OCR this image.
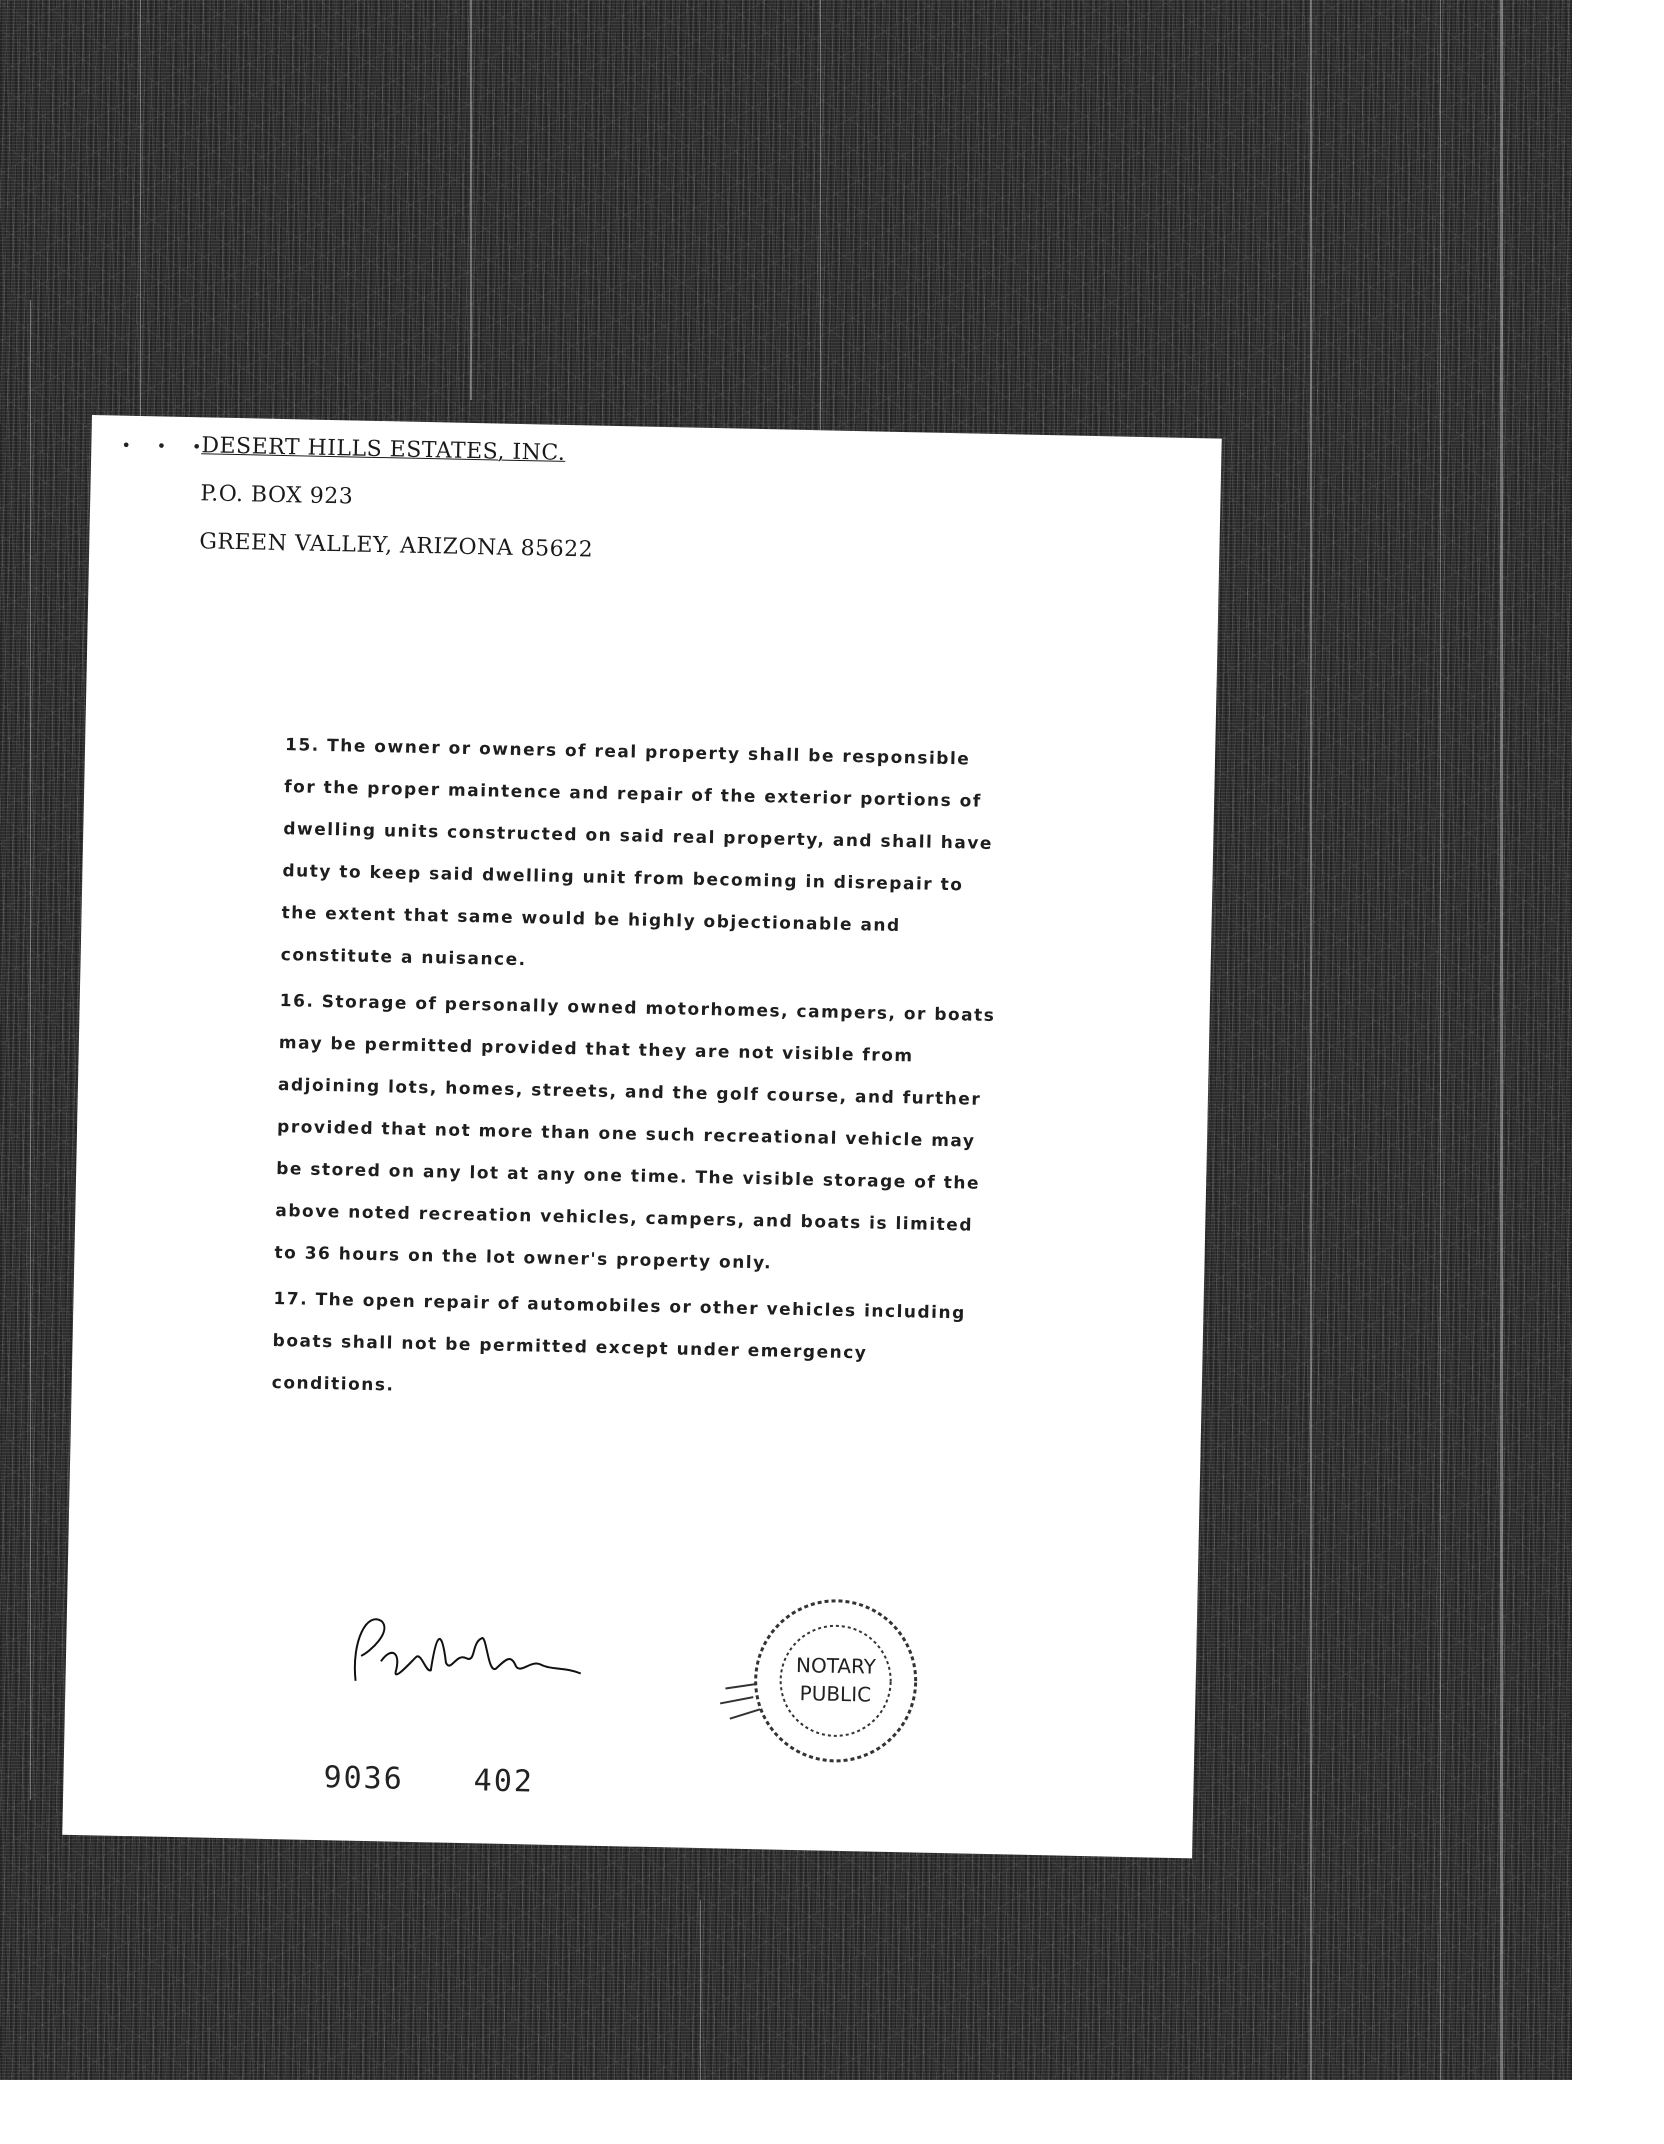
• • •
DESERT HILLS ESTATES, INC.
P.O. BOX 923
GREEN VALLEY, ARIZONA 85622

15. The owner or owners of real property shall be responsible for the proper maintence and repair of the exterior portions of dwelling units constructed on said real property, and shall have duty to keep said dwelling unit from becoming in disrepair to the extent that same would be highly objectionable and constitute a nuisance.

16. Storage of personally owned motorhomes, campers, or boats may be permitted provided that they are not visible from adjoining lots, homes, streets, and the golf course, and further provided that not more than one such recreational vehicle may be stored on any lot at any one time. The visible storage of the above noted recreation vehicles, campers, and boats is limited to 36 hours on the lot owner's property only.

17. The open repair of automobiles or other vehicles including boats shall not be permitted except under emergency conditions.

NOTARY
PUBLIC
9036 402
